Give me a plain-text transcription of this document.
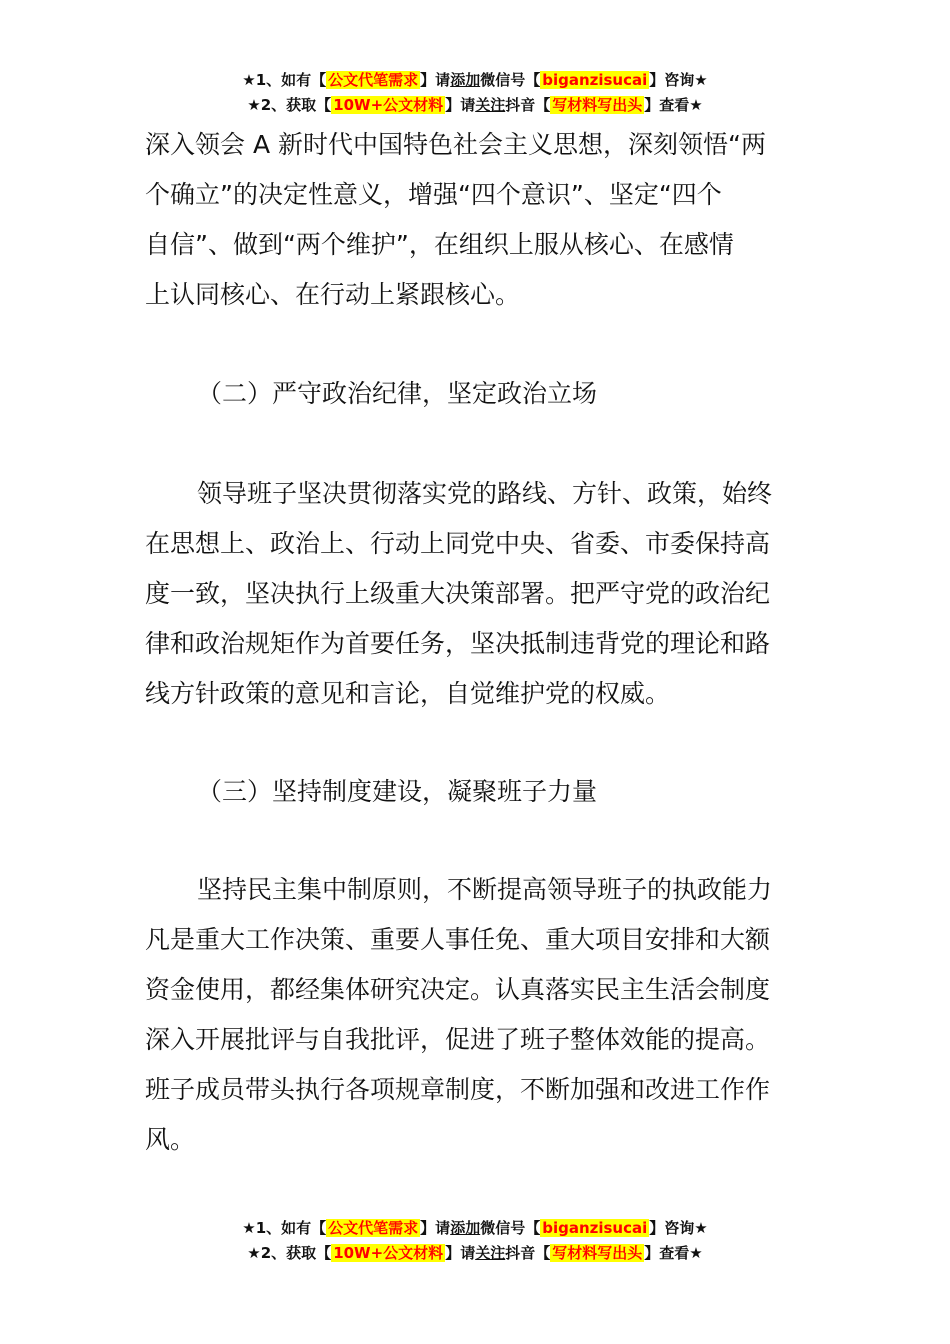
★1、如有【 公文代笔需求 】请添加微信号【 biganzisucai 】咨询★
★2、获取【 10W+公文材料 】请关注抖音【 写材料写出头 】查看★

深入领会 A 新时代中国特色社会主义思想，深刻领悟“两
个确立”的决定性意义，增强“四个意识”、坚定“四个
自信”、做到“两个维护”，在组织上服从核心、在感情
上认同核心、在行动上紧跟核心。

（二）严守政治纪律，坚定政治立场

领导班子坚决贯彻落实党的路线、方针、政策，始终
在思想上、政治上、行动上同党中央、省委、市委保持高
度一致，坚决执行上级重大决策部署。把严守党的政治纪
律和政治规矩作为首要任务，坚决抵制违背党的理论和路
线方针政策的意见和言论，自觉维护党的权威。

（三）坚持制度建设，凝聚班子力量

坚持民主集中制原则，不断提高领导班子的执政能力
凡是重大工作决策、重要人事任免、重大项目安排和大额
资金使用，都经集体研究决定。认真落实民主生活会制度
深入开展批评与自我批评，促进了班子整体效能的提高。
班子成员带头执行各项规章制度，不断加强和改进工作作
风。

★1、如有【 公文代笔需求 】请添加微信号【 biganzisucai 】咨询★
★2、获取【 10W+公文材料 】请关注抖音【 写材料写出头 】查看★
